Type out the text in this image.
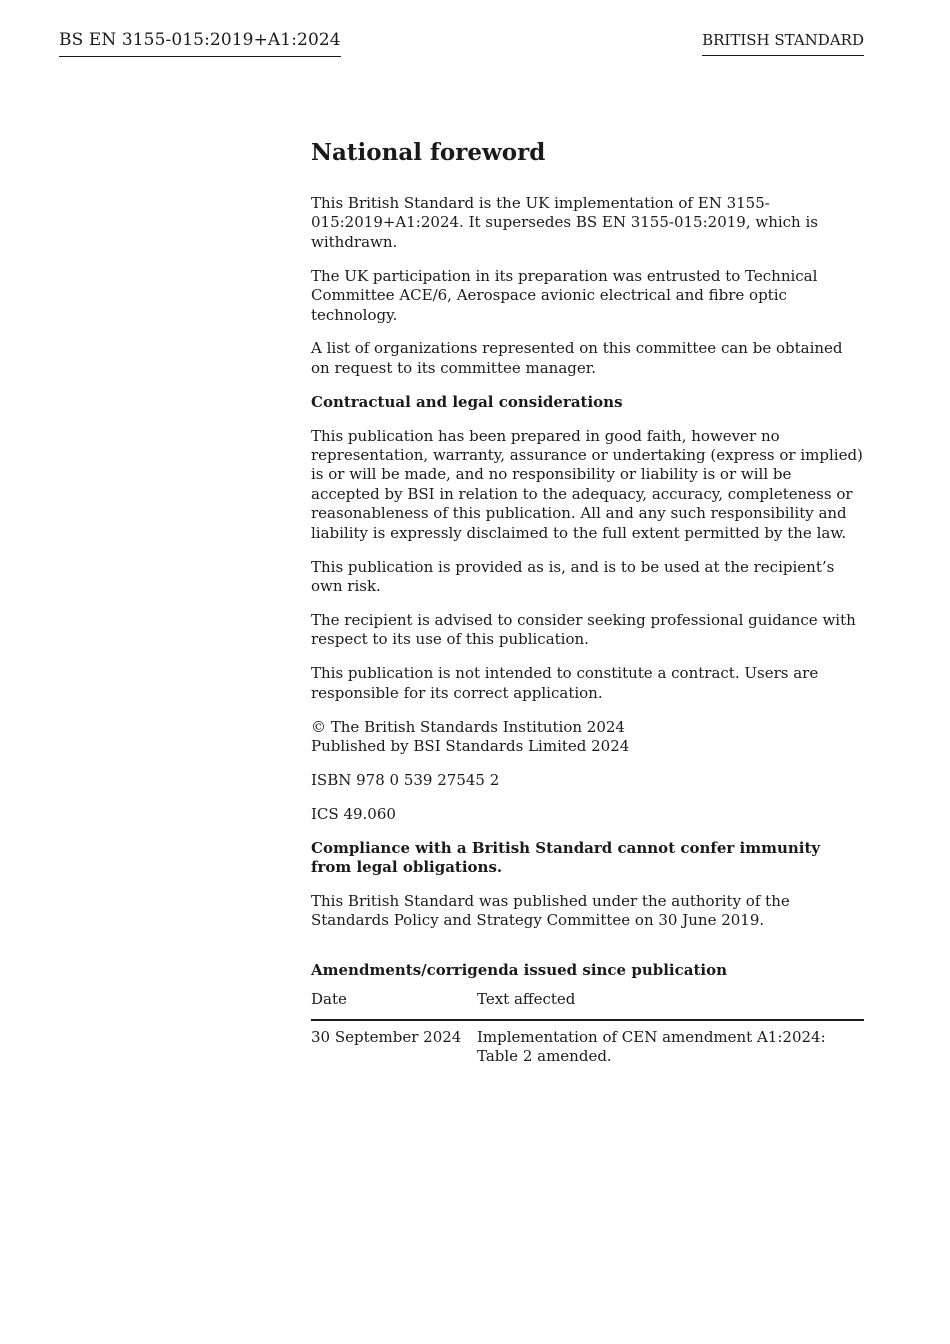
BS EN 3155-015:2019+A1:2024	BRITISH STANDARD
National foreword

This British Standard is the UK implementation of EN 3155-015:2019+A1:2024. It supersedes BS EN 3155-015:2019, which is withdrawn.

The UK participation in its preparation was entrusted to Technical Committee ACE/6, Aerospace avionic electrical and fibre optic technology.

A list of organizations represented on this committee can be obtained on request to its committee manager.

Contractual and legal considerations

This publication has been prepared in good faith, however no representation, warranty, assurance or undertaking (express or implied) is or will be made, and no responsibility or liability is or will be accepted by BSI in relation to the adequacy, accuracy, completeness or reasonableness of this publication. All and any such responsibility and liability is expressly disclaimed to the full extent permitted by the law.

This publication is provided as is, and is to be used at the recipient’s own risk.

The recipient is advised to consider seeking professional guidance with respect to its use of this publication.

This publication is not intended to constitute a contract. Users are responsible for its correct application.

© The British Standards Institution 2024
Published by BSI Standards Limited 2024

ISBN 978 0 539 27545 2

ICS 49.060

Compliance with a British Standard cannot confer immunity from legal obligations.

This British Standard was published under the authority of the Standards Policy and Strategy Committee on 30 June 2019.

Amendments/corrigenda issued since publication
Date	Text affected
30 September 2024	Implementation of CEN amendment A1:2024: Table 2 amended.
